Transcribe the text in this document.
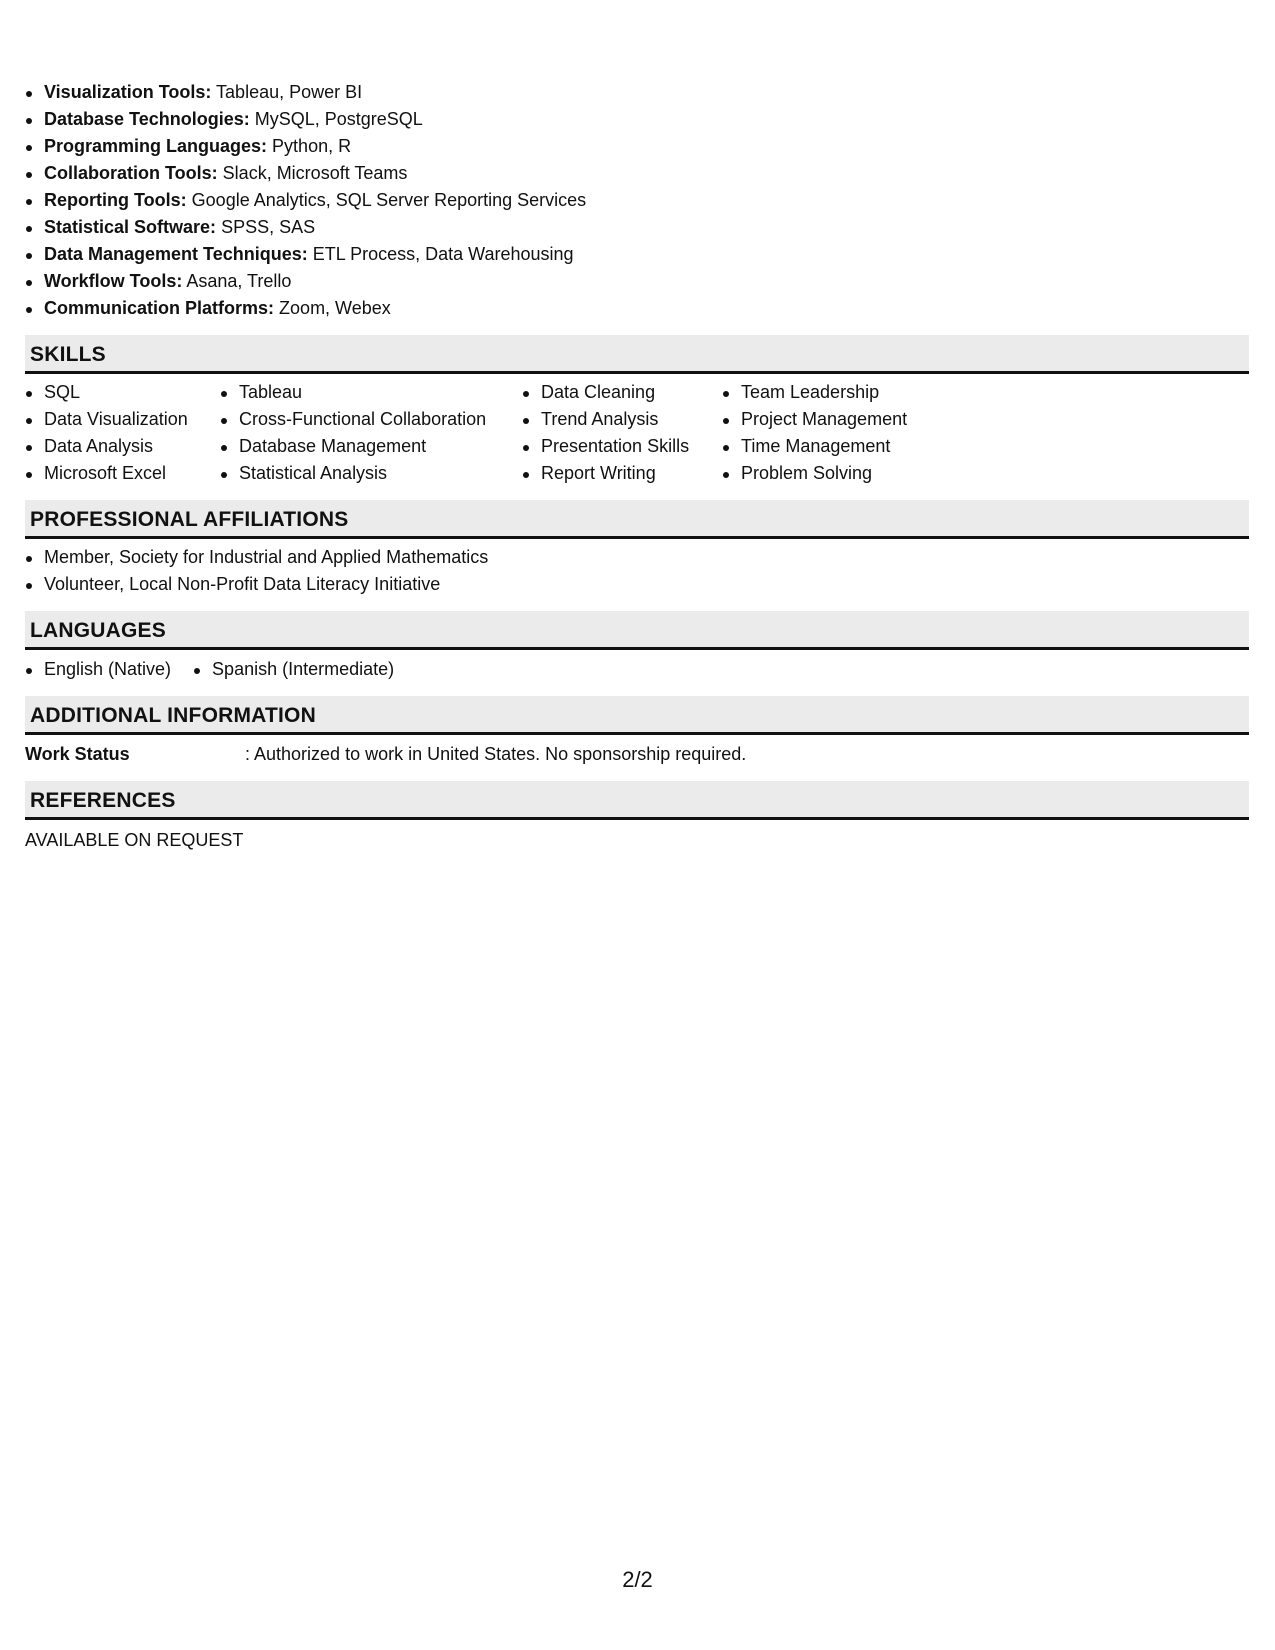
Visualization Tools: Tableau, Power BI
Database Technologies: MySQL, PostgreSQL
Programming Languages: Python, R
Collaboration Tools: Slack, Microsoft Teams
Reporting Tools: Google Analytics, SQL Server Reporting Services
Statistical Software: SPSS, SAS
Data Management Techniques: ETL Process, Data Warehousing
Workflow Tools: Asana, Trello
Communication Platforms: Zoom, Webex
SKILLS
SQL
Data Visualization
Data Analysis
Microsoft Excel
Tableau
Cross-Functional Collaboration
Database Management
Statistical Analysis
Data Cleaning
Trend Analysis
Presentation Skills
Report Writing
Team Leadership
Project Management
Time Management
Problem Solving
PROFESSIONAL AFFILIATIONS
Member, Society for Industrial and Applied Mathematics
Volunteer, Local Non-Profit Data Literacy Initiative
LANGUAGES
English (Native)	Spanish (Intermediate)
ADDITIONAL INFORMATION
Work Status	: Authorized to work in United States. No sponsorship required.
REFERENCES
AVAILABLE ON REQUEST
2/2
